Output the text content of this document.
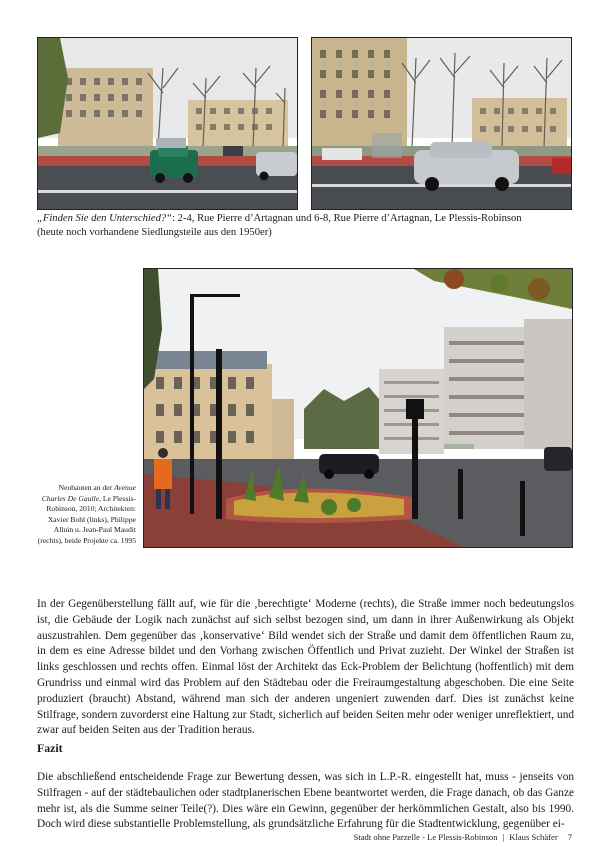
„Finden Sie den Unterschied?“: 2-4, Rue Pierre d’Artagnan und 6-8, Rue Pierre d’Artagnan, Le Plessis-Robinson
(heute noch vorhandene Siedlungsteile aus den 1950er)
Neubauten an der Avenue Charles De Gaulle, Le Plessis-Robinson, 2010; Architekten: Xavier Bohl (links), Philippe Alluin u. Jean-Paul Maudit (rechts), beide Projekte ca. 1995

In der Gegenüberstellung fällt auf, wie für die ‚berechtigte‘ Moderne (rechts), die Straße immer noch bedeutungslos ist, die Gebäude der Logik nach zunächst auf sich selbst bezogen sind, um dann in ihrer Außenwirkung als Objekt auszustrahlen. Dem gegenüber das ‚konservative‘ Bild wendet sich der Straße und damit dem öffentlichen Raum zu, in dem es eine Adresse bildet und den Vorhang zwischen Öffentlich und Privat zuzieht. Der Winkel der Straßen ist links geschlossen und rechts offen. Einmal löst der Architekt das Eck-Problem der Belichtung (hoffentlich) mit dem Grundriss und einmal wird das Problem auf den Städtebau oder die Freiraumgestaltung abgeschoben. Die eine Seite produziert (braucht) Abstand, während man sich der anderen ungeniert zuwenden darf. Dies ist zunächst keine Stilfrage, sondern zuvorderst eine Haltung zur Stadt, sicherlich auf beiden Seiten mehr oder weniger unreflektiert, und zwar auf beiden Seiten aus der Tradition heraus.

Fazit

Die abschließend entscheidende Frage zur Bewertung dessen, was sich in L.P.-R. eingestellt hat, muss - jenseits von Stilfragen - auf der städtebaulichen oder stadtplanerischen Ebene beantwortet werden, die Frage danach, ob das Ganze mehr ist, als die Summe seiner Teile(?). Dies wäre ein Gewinn, gegenüber der herkömmlichen Gestalt, also bis 1990. Doch wird diese substantielle Problemstellung, als grundsätzliche Erfahrung für die Stadtentwicklung, gegenüber ei-

Stadt ohne Parzelle - Le Plessis-Robinson | Klaus Schäfer 7
